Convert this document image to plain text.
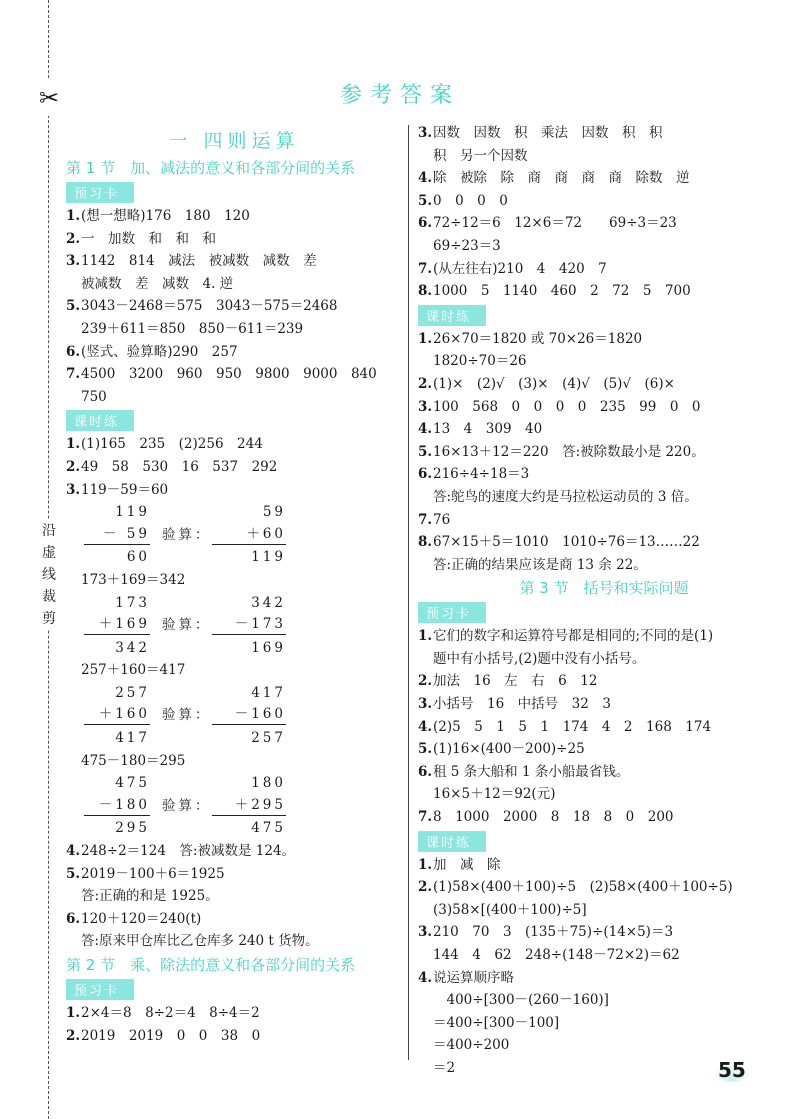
✂
沿虚线裁剪
参考答案
一 四则运算
第 1 节　加、减法的意义和各部分间的关系
预习卡
1.(想一想略)176　180　120
2.一　加数　和　和　和
3.1142　814　减法　被减数　减数　差
被减数　差　减数　4. 逆
5.3043－2468＝575　3043－575＝2468
239＋611＝850　850－611＝239
6.(竖式、验算略)290　257
7.4500　3200　960　950　9800　9000　840
750
课时练
1.(1)165　235　(2)256　244
2.49　58　530　16　537　292
3.119－59＝60
119	59
－ 59 验算：	＋60
60	119
173＋169＝342
173	342
＋169 验算：	－173
342	169
257＋160＝417
257	417
＋160 验算：	－160
417	257
475－180＝295
475	180
－180 验算：	＋295
295	475
4.248÷2＝124　答:被减数是 124。
5.2019－100＋6＝1925
答:正确的和是 1925。
6.120＋120＝240(t)
答:原来甲仓库比乙仓库多 240 t 货物。
第 2 节　乘、除法的意义和各部分间的关系
预习卡
1.2×4＝8　8÷2＝4　8÷4＝2
2.2019　2019　0　0　38　0
3.因数　因数　积　乘法　因数　积　积
积　另一个因数
4.除　被除　除　商　商　商　商　除数　逆
5.0　0　0　0
6.72÷12＝6　12×6＝72　　69÷3＝23
69÷23＝3
7.(从左往右)210　4　420　7
8.1000　5　1140　460　2　72　5　700
课时练
1.26×70＝1820 或 70×26＝1820
1820÷70＝26
2.(1)×　(2)√　(3)×　(4)√　(5)√　(6)×
3.100　568　0　0　0　0　235　99　0　0
4.13　4　309　40
5.16×13＋12＝220　答:被除数最小是 220。
6.216÷4÷18＝3
答:鸵鸟的速度大约是马拉松运动员的 3 倍。
7.76
8.67×15＋5＝1010　1010÷76＝13……22
答:正确的结果应该是商 13 余 22。
第 3 节　括号和实际问题
预习卡
1.它们的数字和运算符号都是相同的;不同的是(1)
题中有小括号,(2)题中没有小括号。
2.加法　16　左　右　6　12
3.小括号　16　中括号　32　3
4.(2)5　5　1　5　1　174　4　2　168　174
5.(1)16×(400－200)÷25
6.租 5 条大船和 1 条小船最省钱。
16×5＋12＝92(元)
7.8　1000　2000　8　18　8　0　200
课时练
1.加　减　除
2.(1)58×(400＋100)÷5　(2)58×(400＋100÷5)
(3)58×[(400＋100)÷5]
3.210　70　3　(135＋75)÷(14×5)＝3
144　4　62　248÷(148－72×2)＝62
4.说运算顺序略
　400÷[300－(260－160)]
＝400÷[300－100]
＝400÷200
＝2	55
